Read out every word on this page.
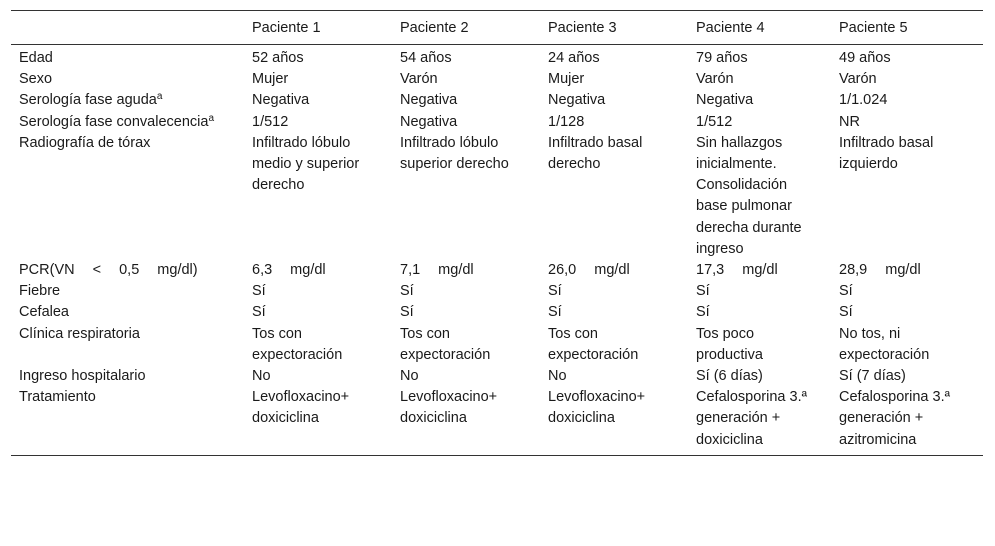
	Paciente 1	Paciente 2	Paciente 3	Paciente 4	Paciente 5
Edad	52 años	54 años	24 años	79 años	49 años
Sexo	Mujer	Varón	Mujer	Varón	Varón
Serología fase aguda$^a$	Negativa	Negativa	Negativa	Negativa	1/1.024
Serología fase convalecencia$^a$	1/512	Negativa	1/128	1/512	NR
Radiografía de tórax	Infiltrado lóbulo medio y superior derecho	Infiltrado lóbulo superior derecho	Infiltrado basal derecho	Sin hallazgos inicialmente. Consolidación base pulmonar derecha durante ingreso	Infiltrado basal izquierdo
PCR(VN < 0,5 mg/dl)	6,3 mg/dl	7,1 mg/dl	26,0 mg/dl	17,3 mg/dl	28,9 mg/dl
Fiebre	Sí	Sí	Sí	Sí	Sí
Cefalea	Sí	Sí	Sí	Sí	Sí
Clínica respiratoria	Tos con expectoración	Tos con expectoración	Tos con expectoración	Tos poco productiva	No tos, ni expectoración
Ingreso hospitalario	No	No	No	Sí (6 días)	Sí (7 días)
Tratamiento	Levofloxacino+ doxiciclina	Levofloxacino+ doxiciclina	Levofloxacino+ doxiciclina	Cefalosporina 3.ª generación + doxiciclina	Cefalosporina 3.ª generación + azitromicina
